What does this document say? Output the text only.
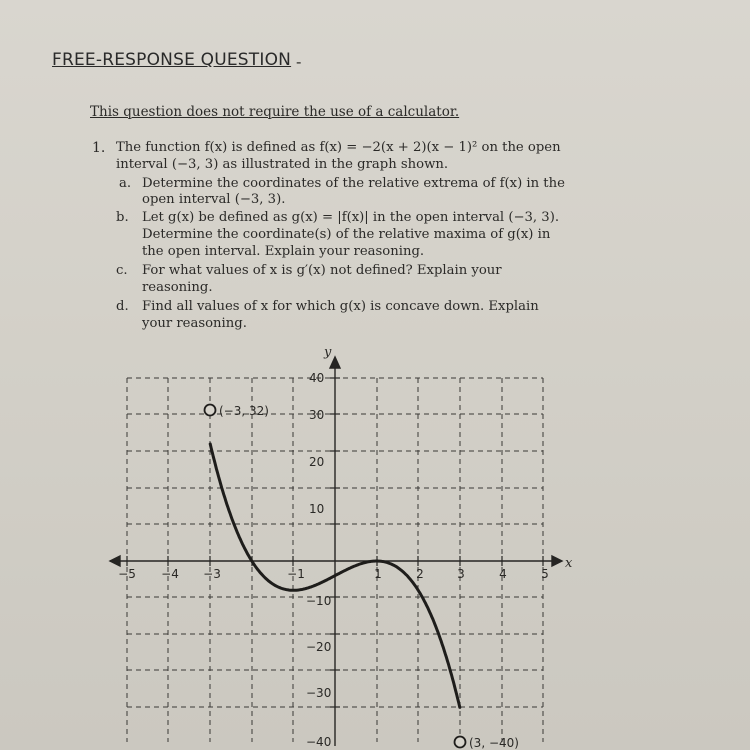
FREE-RESPONSE QUESTION -
This question does not require the use of a calculator.
1. The function f(x) is defined as f(x) = −2(x + 2)(x − 1)² on the open
interval (−3, 3) as illustrated in the graph shown.
a. Determine the coordinates of the relative extrema of f(x) in the
open interval (−3, 3).
b. Let g(x) be defined as g(x) = |f(x)| in the open interval (−3, 3).
Determine the coordinate(s) of the relative maxima of g(x) in
the open interval. Explain your reasoning.
c. For what values of x is g′(x) not defined? Explain your
reasoning.
d. Find all values of x for which g(x) is concave down. Explain
your reasoning.
x
y
−5 −4 −3	−1	1	2	3	4	5
40
30
20
10
−10
−20
−30
−40
(−3, 32)
(3, −40)
